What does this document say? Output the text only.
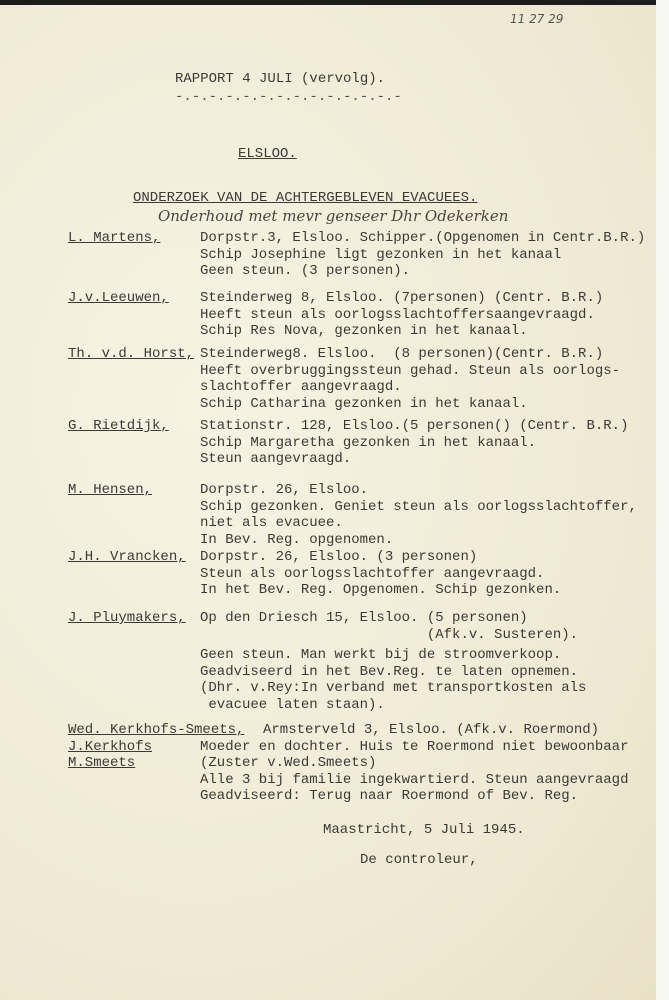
11 27 29
RAPPORT 4 JULI (vervolg).
-.-.-.-.-.-.-.-.-.-.-.-.-.-
ELSLOO.
ONDERZOEK VAN DE ACHTERGEBLEVEN EVACUEES.
Onderhoud met mevr genseer Dhr Odekerken
L. Martens,	Dorpstr.3, Elsloo. Schipper.(Opgenomen in Centr.B.R.)
Schip Josephine ligt gezonken in het kanaal
Geen steun. (3 personen).
J.v.Leeuwen, Steinderweg 8, Elsloo. (7personen) (Centr. B.R.)
Heeft steun als oorlogsslachtoffersaangevraagd.
Schip Res Nova, gezonken in het kanaal.
Th. v.d. Horst, Steinderweg8. Elsloo.  (8 personen)(Centr. B.R.)
Heeft overbruggingssteun gehad. Steun als oorlogs-
slachtoffer aangevraagd.
Schip Catharina gezonken in het kanaal.
G. Rietdijk, Stationstr. 128, Elsloo.(5 personen() (Centr. B.R.)
Schip Margaretha gezonken in het kanaal.
Steun aangevraagd.
M. Hensen,	Dorpstr. 26, Elsloo.
Schip gezonken. Geniet steun als oorlogsslachtoffer,
niet als evacuee.
In Bev. Reg. opgenomen.
J.H. Vrancken, Dorpstr. 26, Elsloo. (3 personen)
Steun als oorlogsslachtoffer aangevraagd.
In het Bev. Reg. Opgenomen. Schip gezonken.
J. Pluymakers, Op den Driesch 15, Elsloo. (5 personen)
(Afk.v. Susteren).
Geen steun. Man werkt bij de stroomverkoop.
Geadviseerd in het Bev.Reg. te laten opnemen.
(Dhr. v.Rey:In verband met transportkosten als
evacuee laten staan).
Wed. Kerkhofs-Smeets,
J.Kerkhofs
M.Smeets
Armsterveld 3, Elsloo. (Afk.v. Roermond)
Moeder en dochter. Huis te Roermond niet bewoonbaar
(Zuster v.Wed.Smeets)
Alle 3 bij familie ingekwartierd. Steun aangevraagd
Geadviseerd: Terug naar Roermond of Bev. Reg.
Maastricht, 5 Juli 1945.
De controleur,
